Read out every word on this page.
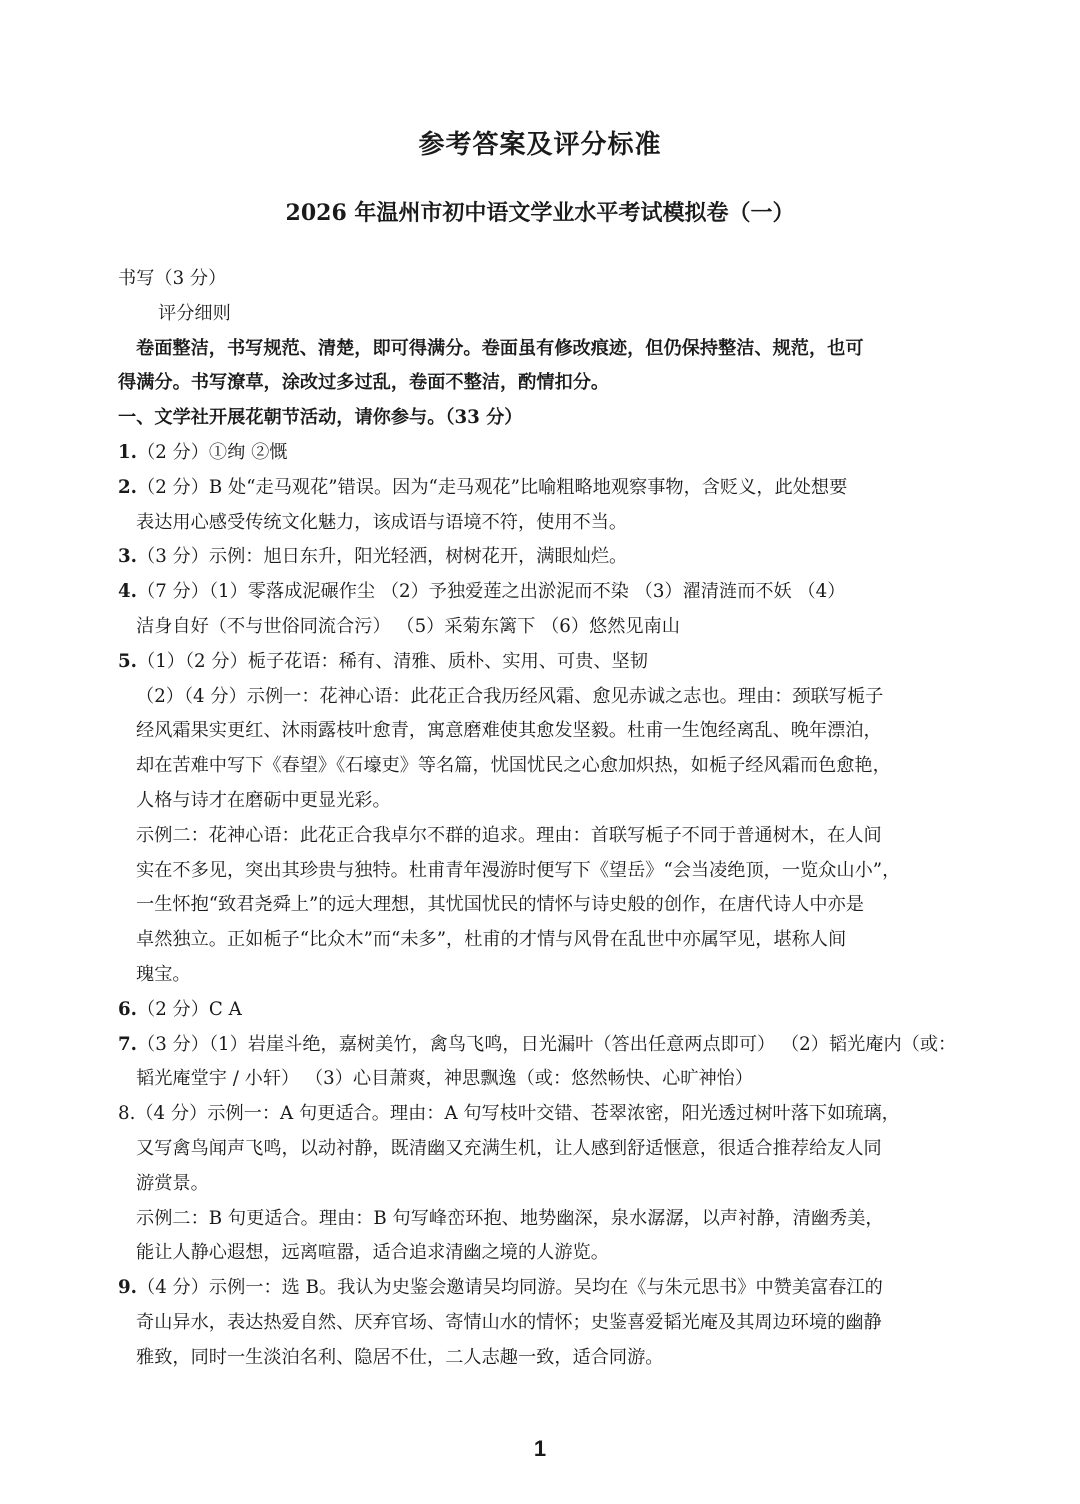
参考答案及评分标准
2026 年温州市初中语文学业水平考试模拟卷（一）
书写（3 分）
评分细则
卷面整洁，书写规范、清楚，即可得满分。卷面虽有修改痕迹，但仍保持整洁、规范，也可
得满分。书写潦草，涂改过多过乱，卷面不整洁，酌情扣分。
一、文学社开展花朝节活动，请你参与。（33 分）
1.（2 分）①绚 ②慨
2.（2 分）B 处“走马观花”错误。因为“走马观花”比喻粗略地观察事物，含贬义，此处想要
表达用心感受传统文化魅力，该成语与语境不符，使用不当。
3.（3 分）示例：旭日东升，阳光轻洒，树树花开，满眼灿烂。
4.（7 分）（1）零落成泥碾作尘 （2）予独爱莲之出淤泥而不染 （3）濯清涟而不妖 （4）
洁身自好（不与世俗同流合污） （5）采菊东篱下 （6）悠然见南山
5.（1）（2 分）栀子花语：稀有、清雅、质朴、实用、可贵、坚韧
（2）（4 分）示例一：花神心语：此花正合我历经风霜、愈见赤诚之志也。理由：颈联写栀子
经风霜果实更红、沐雨露枝叶愈青，寓意磨难使其愈发坚毅。杜甫一生饱经离乱、晚年漂泊，
却在苦难中写下《春望》《石壕吏》等名篇，忧国忧民之心愈加炽热，如栀子经风霜而色愈艳，
人格与诗才在磨砺中更显光彩。
示例二：花神心语：此花正合我卓尔不群的追求。理由：首联写栀子不同于普通树木，在人间
实在不多见，突出其珍贵与独特。杜甫青年漫游时便写下《望岳》“会当凌绝顶，一览众山小”，
一生怀抱“致君尧舜上”的远大理想，其忧国忧民的情怀与诗史般的创作，在唐代诗人中亦是
卓然独立。正如栀子“比众木”而“未多”，杜甫的才情与风骨在乱世中亦属罕见，堪称人间
瑰宝。
6.（2 分）C A
7.（3 分）（1）岩崖斗绝，嘉树美竹，禽鸟飞鸣，日光漏叶（答出任意两点即可） （2）韬光庵内（或：
韬光庵堂宇 / 小轩） （3）心目萧爽，神思飘逸（或：悠然畅快、心旷神怡）
8.（4 分）示例一：A 句更适合。理由：A 句写枝叶交错、苍翠浓密，阳光透过树叶落下如琉璃，
又写禽鸟闻声飞鸣，以动衬静，既清幽又充满生机，让人感到舒适惬意，很适合推荐给友人同
游赏景。
示例二：B 句更适合。理由：B 句写峰峦环抱、地势幽深，泉水潺潺，以声衬静，清幽秀美，
能让人静心遐想，远离喧嚣，适合追求清幽之境的人游览。
9.（4 分）示例一：选 B。我认为史鉴会邀请吴均同游。吴均在《与朱元思书》中赞美富春江的
奇山异水，表达热爱自然、厌弃官场、寄情山水的情怀；史鉴喜爱韬光庵及其周边环境的幽静
雅致，同时一生淡泊名利、隐居不仕，二人志趣一致，适合同游。
1
